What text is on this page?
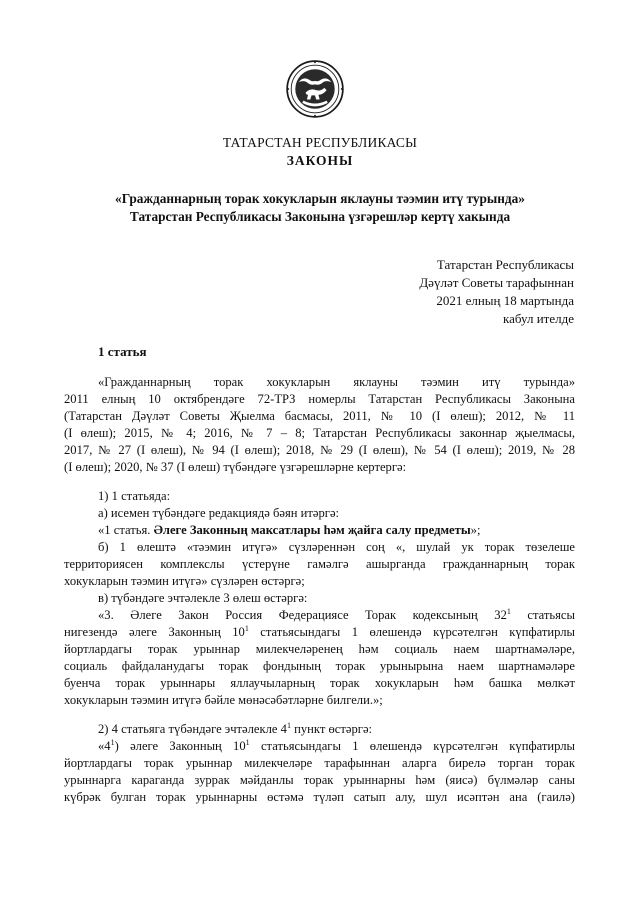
ТАТАРСТАН РЕСПУБЛИКАСЫ
ЗАКОНЫ
«Гражданнарның торак хокукларын яклауны тәэмин итү турында»
Татарстан Республикасы Законына үзгәрешләр кертү хакында
Татарстан Республикасы
Дәүләт Советы тарафыннан
2021 елның 18 мартында
кабул ителде
1 статья
«Гражданнарның торак хокукларын яклауны тәэмин итү турында»
2011 елның 10 октябрендәге 72-ТРЗ номерлы Татарстан Республикасы Законына
(Татарстан Дәүләт Советы Җыелма басмасы, 2011, № 10 (I өлеш); 2012, № 11
(I өлеш); 2015, № 4; 2016, № 7 – 8; Татарстан Республикасы законнар җыелмасы,
2017, № 27 (I өлеш), № 94 (I өлеш); 2018, № 29 (I өлеш), № 54 (I өлеш); 2019, № 28
(I өлеш); 2020, № 37 (I өлеш) түбәндәге үзгәрешләрне кертергә:
1) 1 статьяда:
а) исемен түбәндәге редакциядә бәян итәргә:
«1 статья. Әлеге Законның максатлары һәм җайга салу предметы»;
б) 1 өлештә «тәэмин итүгә» сүзләреннән соң «, шулай ук торак төзелеше
территориясен комплекслы үстерүне гамәлгә ашырганда гражданнарның торак
хокукларын тәэмин итүгә» сүзләрен өстәргә;
в) түбәндәге эчтәлекле 3 өлеш өстәргә:
«3. Әлеге Закон Россия Федерациясе Торак кодексының $32^1$ статьясы
нигезендә әлеге Законның $10^1$ статьясындагы 1 өлешендә күрсәтелгән күпфатирлы
йортлардагы торак урыннар милекчеләренең һәм социаль наем шартнамәләре,
социаль файдаланудагы торак фондының торак урынырына наем шартнамәләре
буенча торак урыннары яллаучыларның торак хокукларын һәм башка мөлкәт
хокукларын тәэмин итүгә бәйле мөнәсәбәтләрне билгели.»;
2) 4 статьяга түбәндәге эчтәлекле $4^1$ пункт өстәргә:
«$4^1$) әлеге Законның $10^1$ статьясындагы 1 өлешендә күрсәтелгән күпфатирлы
йортлардагы торак урыннар милекчеләре тарафыннан аларга бирелә торган торак
урыннарга караганда зуррак мәйданлы торак урыннарны һәм (яисә) бүлмәләр саны
күбрәк булган торак урыннарны өстәмә түләп сатып алу, шул исәптән ана (гаилә)
